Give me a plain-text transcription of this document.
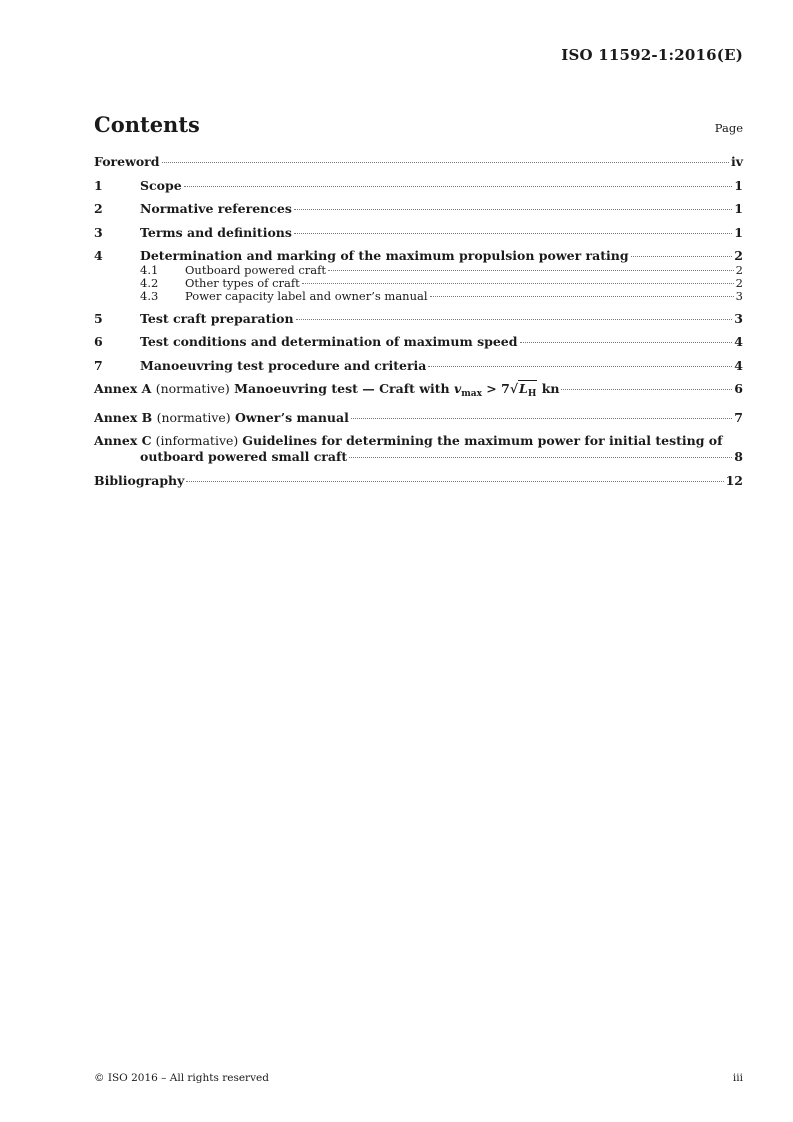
ISO 11592-1:2016(E)
Contents	Page
Foreword	iv
1	Scope	1
2	Normative references	1
3	Terms and definitions	1
4	Determination and marking of the maximum propulsion power rating	2
4.1	Outboard powered craft	2
4.2	Other types of craft	2
4.3	Power capacity label and owner’s manual	3
5	Test craft preparation	3
6	Test conditions and determination of maximum speed	4
7	Manoeuvring test procedure and criteria	4
Annex A (normative) Manoeuvring test — Craft with $v_{max} > 7√L_H$ kn	6
Annex B (normative) Owner’s manual	7
Annex C (informative) Guidelines for determining the maximum power for initial testing of
outboard powered small craft	8
Bibliography	12
© ISO 2016 – All rights reserved	iii
